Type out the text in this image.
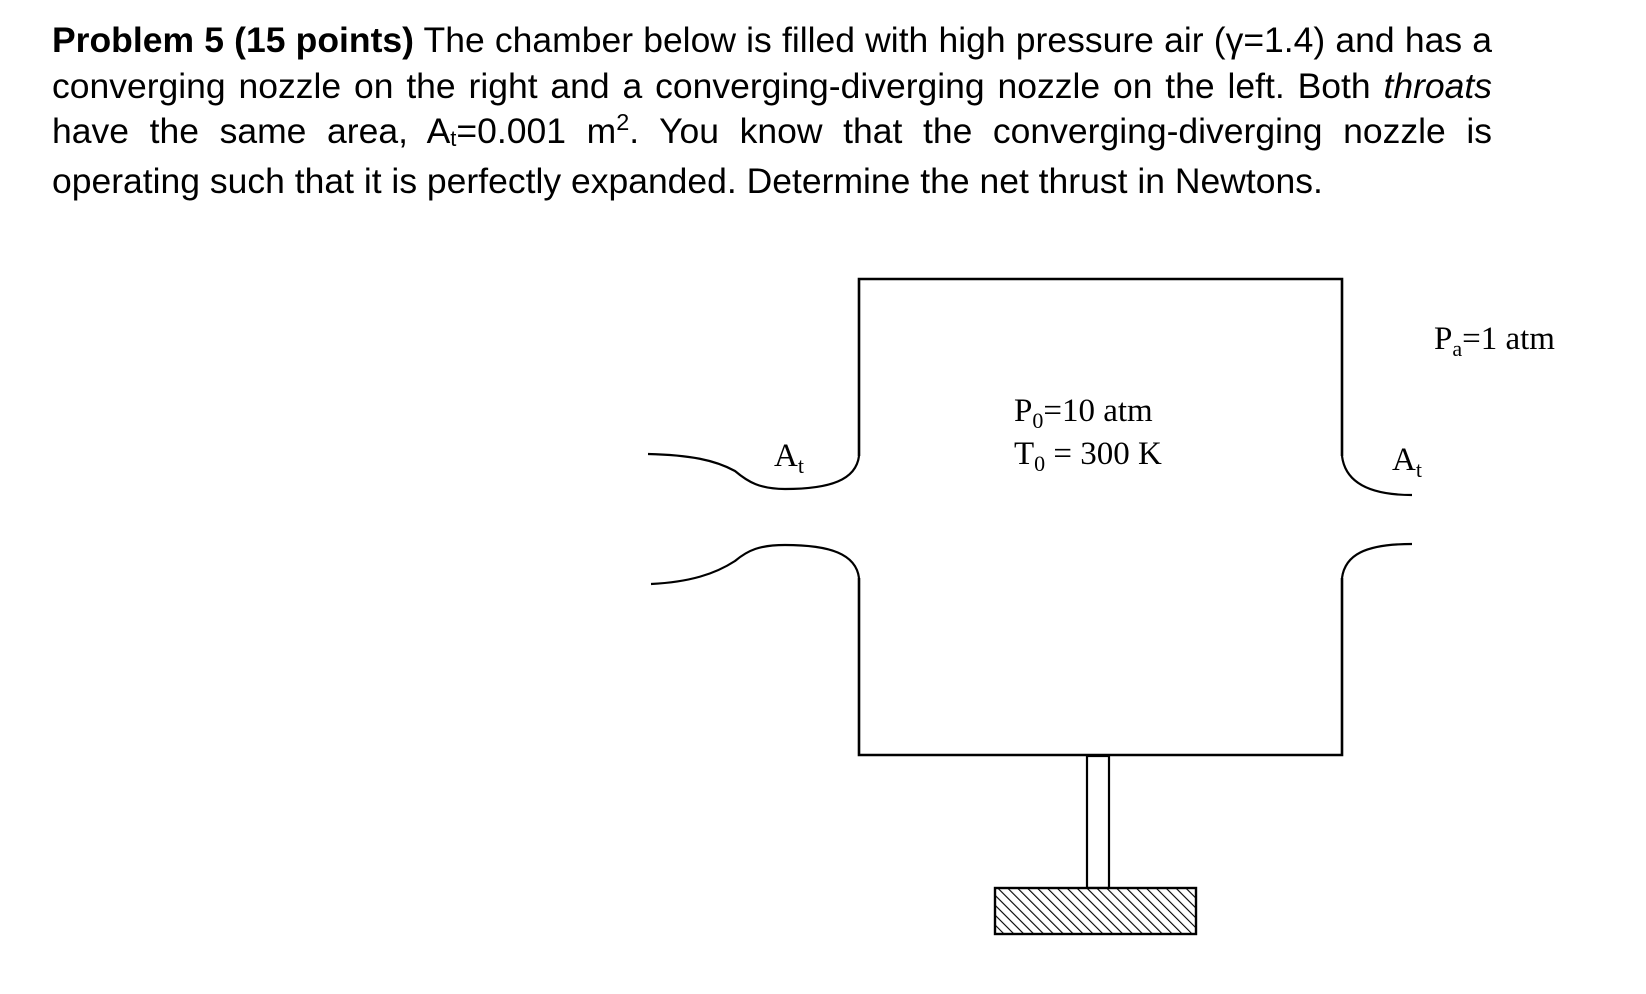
Problem 5 (15 points) The chamber below is filled with high pressure air (γ=1.4) and has a converging nozzle on the right and a converging-diverging nozzle on the left. Both throats have the same area, At=0.001 $m^2$. You know that the converging-diverging nozzle is operating such that it is perfectly expanded. Determine the net thrust in Newtons.
$P_a=1$ atm
$P_0=10$ atm
$T_0 = 300$ K
$A_t$	$A_t$
